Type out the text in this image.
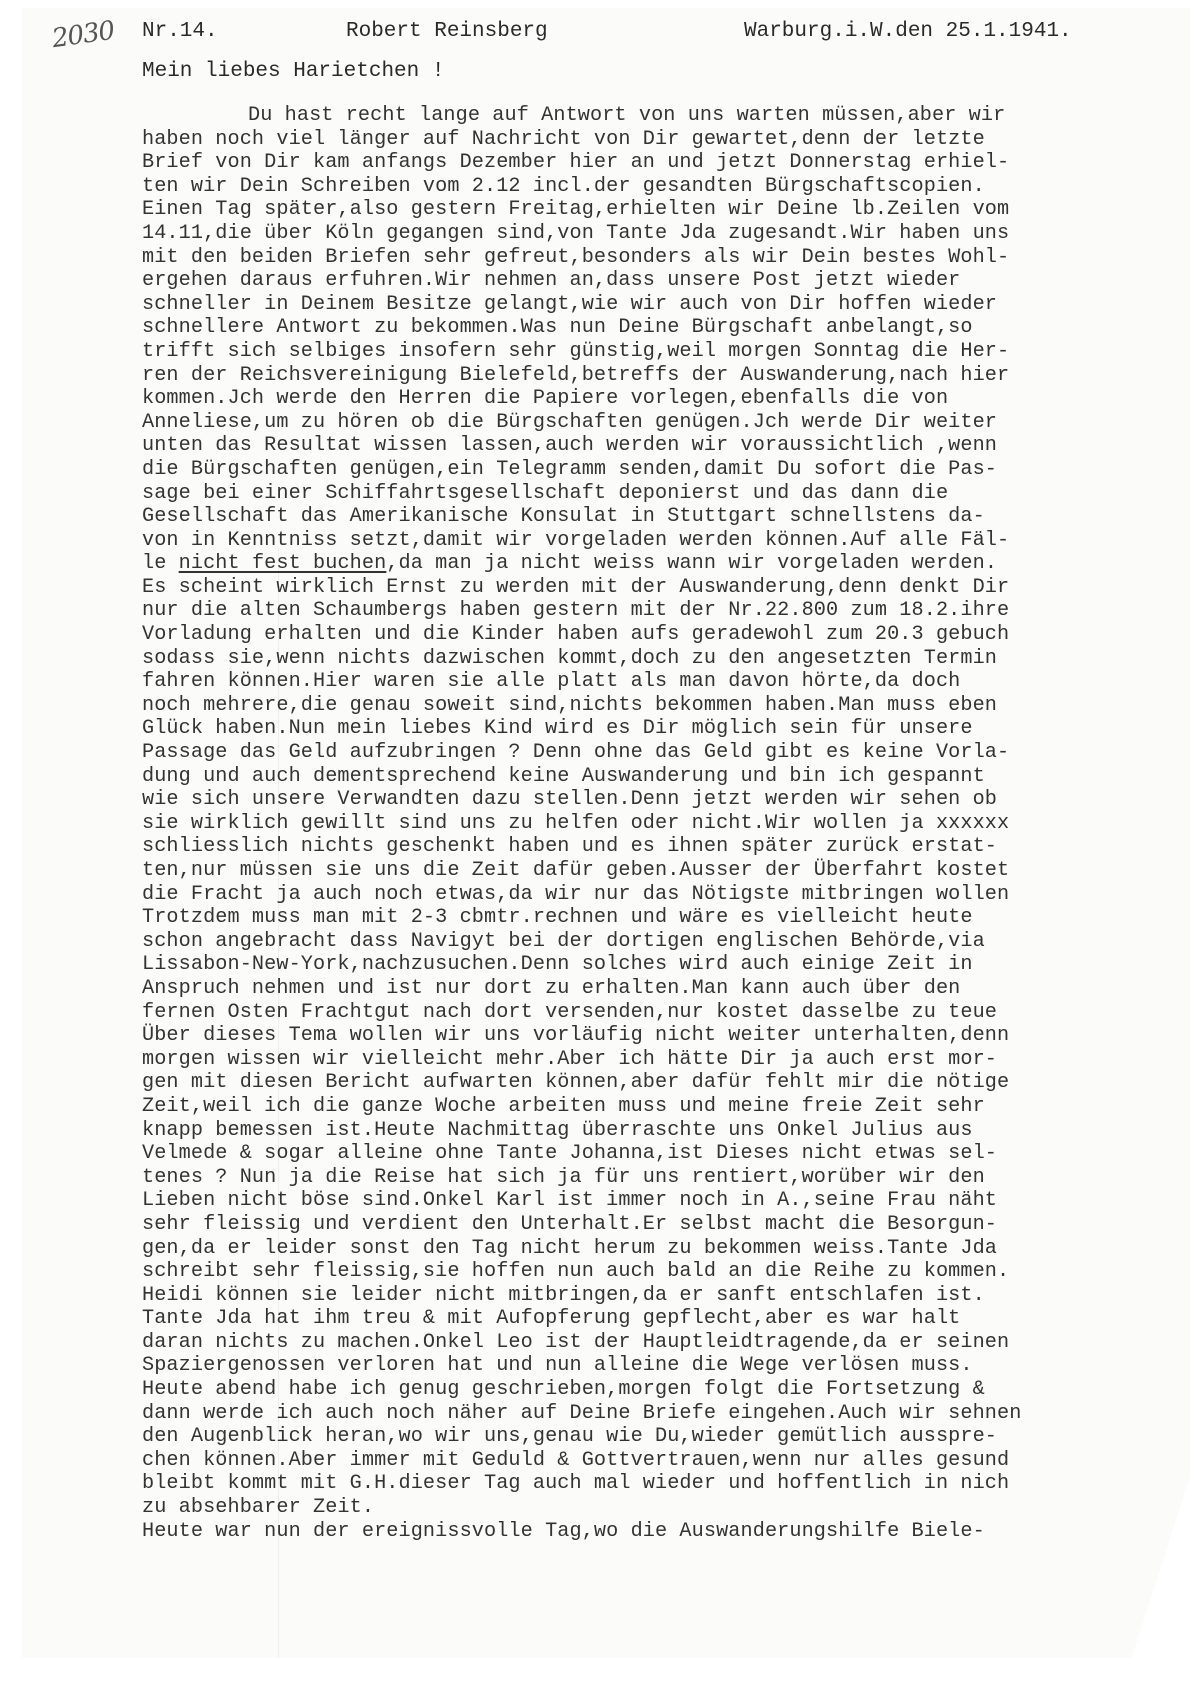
2030 Nr.14.	Robert Reinsberg	Warburg.i.W.den 25.1.1941.
Mein liebes Harietchen !
Du hast recht lange auf Antwort von uns warten müssen,aber wir
haben noch viel länger auf Nachricht von Dir gewartet,denn der letzte
Brief von Dir kam anfangs Dezember hier an und jetzt Donnerstag erhiel-
ten wir Dein Schreiben vom 2.12 incl.der gesandten Bürgschaftscopien.
Einen Tag später,also gestern Freitag,erhielten wir Deine lb.Zeilen vom
14.11,die über Köln gegangen sind,von Tante Jda zugesandt.Wir haben uns
mit den beiden Briefen sehr gefreut,besonders als wir Dein bestes Wohl-
ergehen daraus erfuhren.Wir nehmen an,dass unsere Post jetzt wieder
schneller in Deinem Besitze gelangt,wie wir auch von Dir hoffen wieder
schnellere Antwort zu bekommen.Was nun Deine Bürgschaft anbelangt,so
trifft sich selbiges insofern sehr günstig,weil morgen Sonntag die Her-
ren der Reichsvereinigung Bielefeld,betreffs der Auswanderung,nach hier
kommen.Jch werde den Herren die Papiere vorlegen,ebenfalls die von
Anneliese,um zu hören ob die Bürgschaften genügen.Jch werde Dir weiter
unten das Resultat wissen lassen,auch werden wir voraussichtlich ,wenn
die Bürgschaften genügen,ein Telegramm senden,damit Du sofort die Pas-
sage bei einer Schiffahrtsgesellschaft deponierst und das dann die
Gesellschaft das Amerikanische Konsulat in Stuttgart schnellstens da-
von in Kenntniss setzt,damit wir vorgeladen werden können.Auf alle Fäl-
le nicht fest buchen,da man ja nicht weiss wann wir vorgeladen werden.
Es scheint wirklich Ernst zu werden mit der Auswanderung,denn denkt Dir
nur die alten Schaumbergs haben gestern mit der Nr.22.800 zum 18.2.ihre
Vorladung erhalten und die Kinder haben aufs geradewohl zum 20.3 gebuch
sodass sie,wenn nichts dazwischen kommt,doch zu den angesetzten Termin
fahren können.Hier waren sie alle platt als man davon hörte,da doch
noch mehrere,die genau soweit sind,nichts bekommen haben.Man muss eben
Glück haben.Nun mein liebes Kind wird es Dir möglich sein für unsere
Passage das Geld aufzubringen ? Denn ohne das Geld gibt es keine Vorla-
dung und auch dementsprechend keine Auswanderung und bin ich gespannt
wie sich unsere Verwandten dazu stellen.Denn jetzt werden wir sehen ob
sie wirklich gewillt sind uns zu helfen oder nicht.Wir wollen ja xxxxxx
schliesslich nichts geschenkt haben und es ihnen später zurück erstat-
ten,nur müssen sie uns die Zeit dafür geben.Ausser der Überfahrt kostet
die Fracht ja auch noch etwas,da wir nur das Nötigste mitbringen wollen
Trotzdem muss man mit 2-3 cbmtr.rechnen und wäre es vielleicht heute
schon angebracht dass Navigyt bei der dortigen englischen Behörde,via
Lissabon-New-York,nachzusuchen.Denn solches wird auch einige Zeit in
Anspruch nehmen und ist nur dort zu erhalten.Man kann auch über den
fernen Osten Frachtgut nach dort versenden,nur kostet dasselbe zu teue
Über dieses Tema wollen wir uns vorläufig nicht weiter unterhalten,denn
morgen wissen wir vielleicht mehr.Aber ich hätte Dir ja auch erst mor-
gen mit diesen Bericht aufwarten können,aber dafür fehlt mir die nötige
Zeit,weil ich die ganze Woche arbeiten muss und meine freie Zeit sehr
knapp bemessen ist.Heute Nachmittag überraschte uns Onkel Julius aus
Velmede & sogar alleine ohne Tante Johanna,ist Dieses nicht etwas sel-
tenes ? Nun ja die Reise hat sich ja für uns rentiert,worüber wir den
Lieben nicht böse sind.Onkel Karl ist immer noch in A.,seine Frau näht
sehr fleissig und verdient den Unterhalt.Er selbst macht die Besorgun-
gen,da er leider sonst den Tag nicht herum zu bekommen weiss.Tante Jda
schreibt sehr fleissig,sie hoffen nun auch bald an die Reihe zu kommen.
Heidi können sie leider nicht mitbringen,da er sanft entschlafen ist.
Tante Jda hat ihm treu & mit Aufopferung gepflecht,aber es war halt
daran nichts zu machen.Onkel Leo ist der Hauptleidtragende,da er seinen
Spaziergenossen verloren hat und nun alleine die Wege verlösen muss.
Heute abend habe ich genug geschrieben,morgen folgt die Fortsetzung &
dann werde ich auch noch näher auf Deine Briefe eingehen.Auch wir sehnen
den Augenblick heran,wo wir uns,genau wie Du,wieder gemütlich ausspre-
chen können.Aber immer mit Geduld & Gottvertrauen,wenn nur alles gesund
bleibt kommt mit G.H.dieser Tag auch mal wieder und hoffentlich in nich
zu absehbarer Zeit.
Heute war nun der ereignissvolle Tag,wo die Auswanderungshilfe Biele-
